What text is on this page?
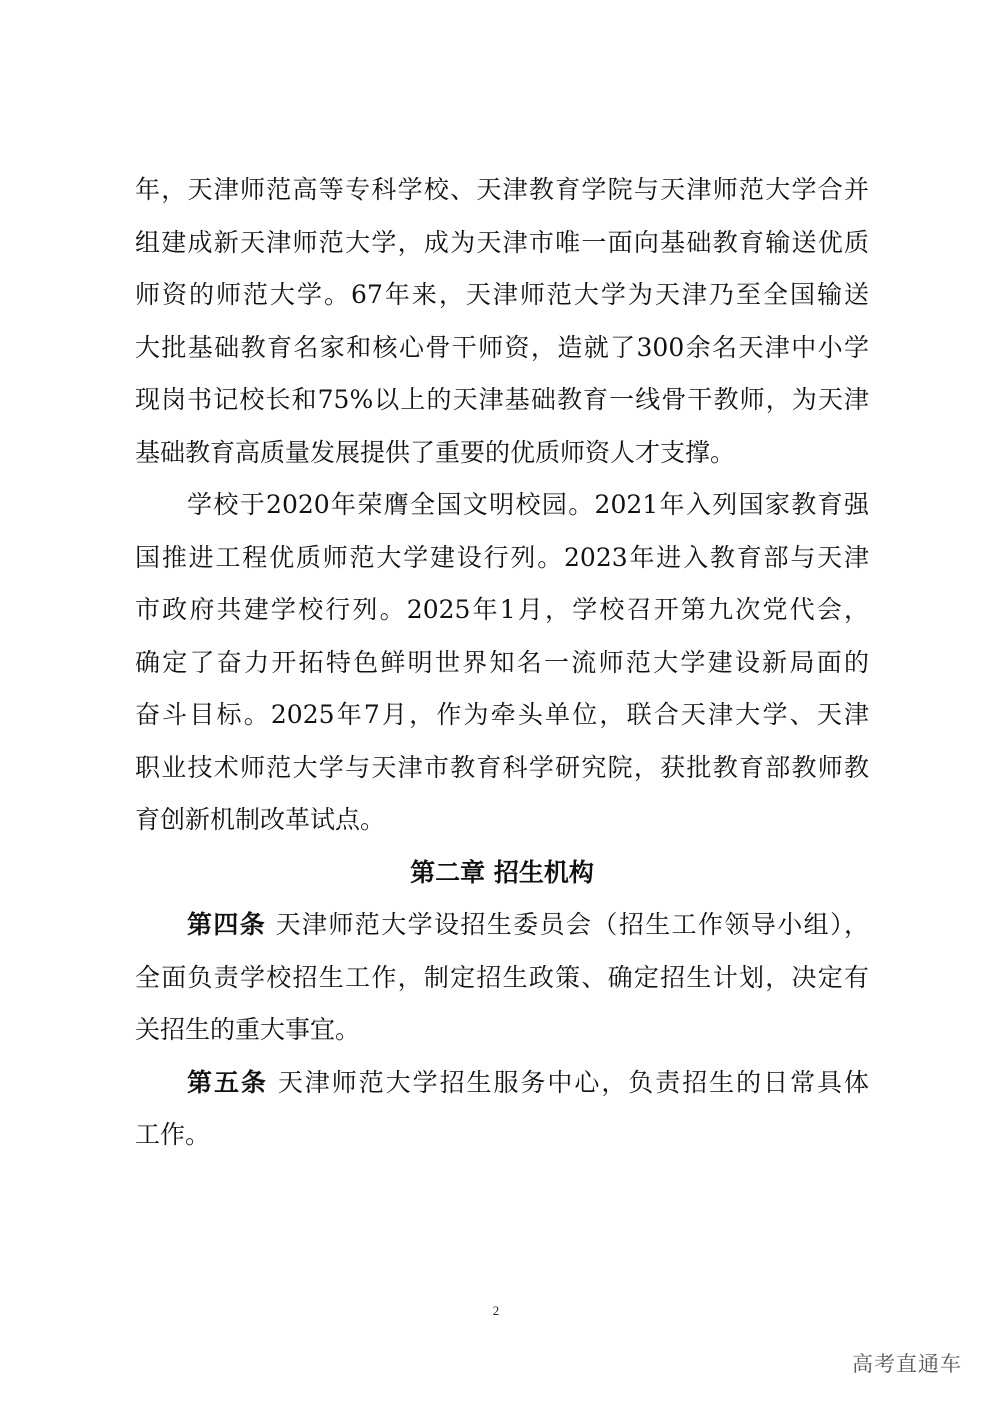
年，天津师范高等专科学校、天津教育学院与天津师范大学合并
组建成新天津师范大学，成为天津市唯一面向基础教育输送优质
师资的师范大学。67年来，天津师范大学为天津乃至全国输送
大批基础教育名家和核心骨干师资，造就了300余名天津中小学
现岗书记校长和75%以上的天津基础教育一线骨干教师，为天津
基础教育高质量发展提供了重要的优质师资人才支撑。
学校于2020年荣膺全国文明校园。2021年入列国家教育强
国推进工程优质师范大学建设行列。2023年进入教育部与天津
市政府共建学校行列。2025年1月，学校召开第九次党代会，
确定了奋力开拓特色鲜明世界知名一流师范大学建设新局面的
奋斗目标。2025年7月，作为牵头单位，联合天津大学、天津
职业技术师范大学与天津市教育科学研究院，获批教育部教师教
育创新机制改革试点。
第二章 招生机构
第四条 天津师范大学设招生委员会（招生工作领导小组），
全面负责学校招生工作，制定招生政策、确定招生计划，决定有
关招生的重大事宜。
第五条 天津师范大学招生服务中心，负责招生的日常具体
工作。
2
高考直通车
